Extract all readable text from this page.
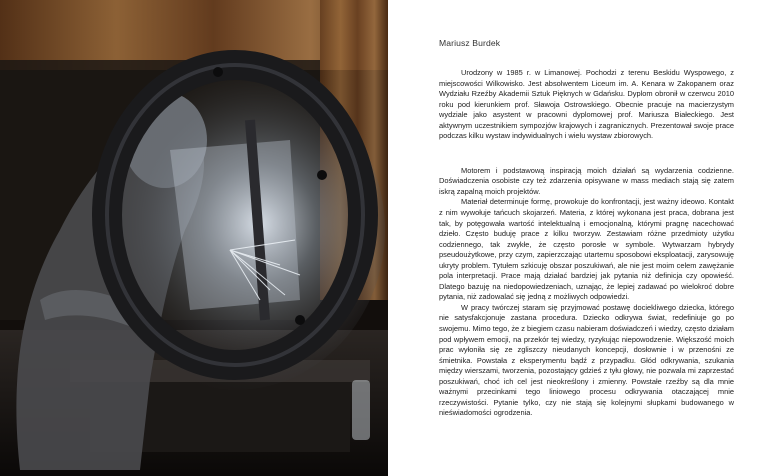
Mariusz Burdek

Urodzony w 1985 r. w Limanowej. Pochodzi z terenu Beskidu Wyspowego, z miejscowości Wilkowisko. Jest absolwentem Liceum im. A. Kenara w Zakopanem oraz Wydziału Rzeźby Akademii Sztuk Pięknych w Gdańsku. Dyplom obronił w czerwcu 2010 roku pod kierunkiem prof. Sławoja Ostrowskiego. Obecnie pracuje na macierzystym wydziale jako asystent w pracowni dyplomowej prof. Mariusza Białeckiego. Jest aktywnym uczestnikiem sympozjów krajowych i zagranicznych. Prezentował swoje prace podczas kilku wystaw indywidualnych i wielu wystaw zbiorowych.

Motorem i podstawową inspiracją moich działań są wydarzenia codzienne. Doświadczenia osobiste czy też zdarzenia opisywane w mass mediach stają się zatem iskrą zapalną moich projektów.

Materiał determinuje formę, prowokuje do konfrontacji, jest ważny ideowo. Kontakt z nim wywołuje tańcuch skojarzeń. Materia, z której wykonana jest praca, dobrana jest tak, by potęgowała wartość intelektualną i emocjonalną, którymi pragnę nacechować dzieło. Często buduję prace z kilku tworzyw. Zestawiam różne przedmioty użytku codziennego, tak zwykłe, że często porosłe w symbole. Wytwarzam hybrydy pseudoużytkowe, przy czym, zapierzczając utartemu sposobowi eksploatacji, zarysowuję ukryty problem. Tytułem szkicuję obszar poszukiwań, ale nie jest moim celem zawężanie pola interpretacji. Prace mają działać bardziej jak pytania niż definicja czy opowieść. Dlatego bazuję na niedopowiedzeniach, uznając, że lepiej zadawać po wielokroć dobre pytania, niż zadowalać się jedną z możliwych odpowiedzi.

W pracy twórczej staram się przyjmować postawę dociekliwego dziecka, którego nie satysfakcjonuje zastana procedura. Dziecko odkrywa świat, redefiniuje go po swojemu. Mimo tego, że z biegiem czasu nabieram doświadczeń i wiedzy, często działam pod wpływem emocji, na przekór tej wiedzy, ryzykując niepowodzenie. Większość moich prac wyłoniła się ze zgliszczy nieudanych koncepcji, dosłownie i w przenośni ze śmietnika. Powstała z eksperymentu bądź z przypadku. Głód odkrywania, szukania między wierszami, tworzenia, pozostający gdzieś z tyłu głowy, nie pozwala mi zaprzestać poszukiwań, choć ich cel jest nieokreślony i zmienny. Powstałe rzeźby są dla mnie ważnymi przecinkami tego liniowego procesu odkrywania otaczającej mnie rzeczywistości. Pytanie tylko, czy nie stają się kolejnymi słupkami budowanego w nieświadomości ogrodzenia.
